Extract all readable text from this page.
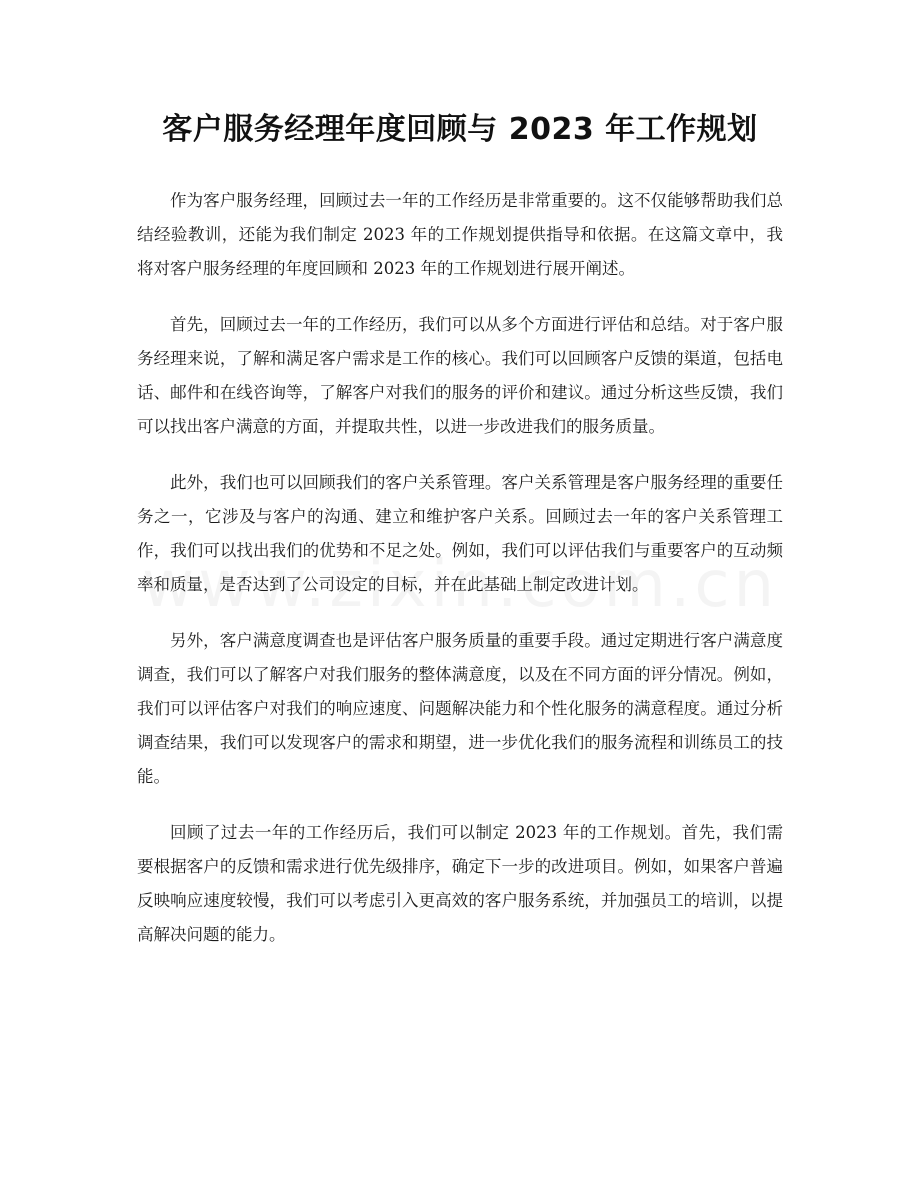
客户服务经理年度回顾与 2023 年工作规划

作为客户服务经理，回顾过去一年的工作经历是非常重要的。这不仅能够帮助我们总结经验教训，还能为我们制定 2023 年的工作规划提供指导和依据。在这篇文章中，我将对客户服务经理的年度回顾和 2023 年的工作规划进行展开阐述。

首先，回顾过去一年的工作经历，我们可以从多个方面进行评估和总结。对于客户服务经理来说，了解和满足客户需求是工作的核心。我们可以回顾客户反馈的渠道，包括电话、邮件和在线咨询等，了解客户对我们的服务的评价和建议。通过分析这些反馈，我们可以找出客户满意的方面，并提取共性，以进一步改进我们的服务质量。

此外，我们也可以回顾我们的客户关系管理。客户关系管理是客户服务经理的重要任务之一，它涉及与客户的沟通、建立和维护客户关系。回顾过去一年的客户关系管理工作，我们可以找出我们的优势和不足之处。例如，我们可以评估我们与重要客户的互动频率和质量，是否达到了公司设定的目标，并在此基础上制定改进计划。

另外，客户满意度调查也是评估客户服务质量的重要手段。通过定期进行客户满意度调查，我们可以了解客户对我们服务的整体满意度，以及在不同方面的评分情况。例如，我们可以评估客户对我们的响应速度、问题解决能力和个性化服务的满意程度。通过分析调查结果，我们可以发现客户的需求和期望，进一步优化我们的服务流程和训练员工的技能。

回顾了过去一年的工作经历后，我们可以制定 2023 年的工作规划。首先，我们需要根据客户的反馈和需求进行优先级排序，确定下一步的改进项目。例如，如果客户普遍反映响应速度较慢，我们可以考虑引入更高效的客户服务系统，并加强员工的培训，以提高解决问题的能力。
